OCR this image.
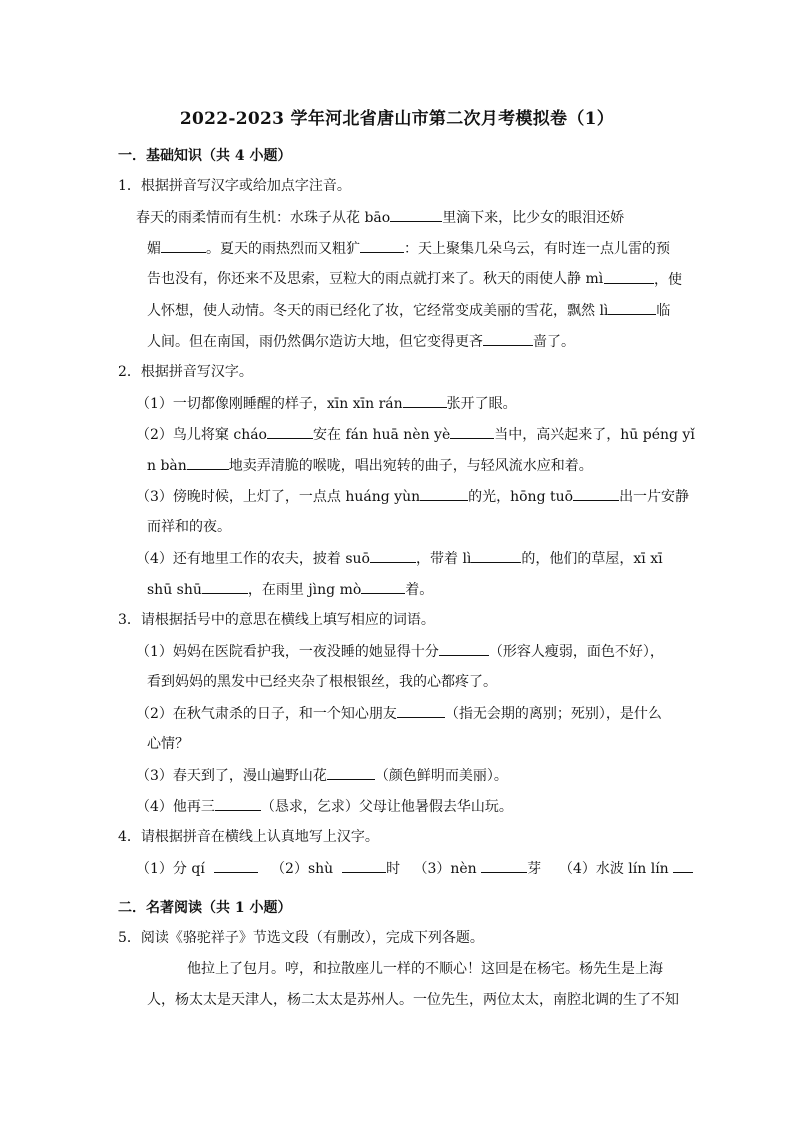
2022-2023 学年河北省唐山市第二次月考模拟卷（1）
一．基础知识（共 4 小题）
1．根据拼音写汉字或给加点字注音。
春天的雨柔情而有生机：水珠子从花 bāo	里滴下来，比少女的眼泪还娇
媚	。夏天的雨热烈而又粗犷	：天上聚集几朵乌云，有时连一点儿雷的预
告也没有，你还来不及思索，豆粒大的雨点就打来了。秋天的雨使人静 mì	，使
人怀想，使人动情。冬天的雨已经化了妆，它经常变成美丽的雪花，飘然 lì	临
人间。但在南国，雨仍然偶尔造访大地，但它变得更吝	啬了。
2．根据拼音写汉字。
（1）一切都像刚睡醒的样子，xīn xīn rán	张开了眼。
（2）鸟儿将窠 cháo	安在 fán huā nèn yè	当中，高兴起来了，hū péng yǐ
n bàn	地卖弄清脆的喉咙，唱出宛转的曲子，与轻风流水应和着。
（3）傍晚时候，上灯了，一点点 huáng yùn	的光，hōng tuō	出一片安静
而祥和的夜。
（4）还有地里工作的农夫，披着 suō	，带着 lì	的，他们的草屋，xī xī
shū shū	，在雨里 jìng mò	着。
3．请根据括号中的意思在横线上填写相应的词语。
（1）妈妈在医院看护我，一夜没睡的她显得十分	（形容人瘦弱，面色不好），
看到妈妈的黑发中已经夹杂了根根银丝，我的心都疼了。
（2）在秋气肃杀的日子，和一个知心朋友	（指无会期的离别；死别），是什么
心情？
（3）春天到了，漫山遍野山花	（颜色鲜明而美丽）。
（4）他再三	（恳求，乞求）父母让他暑假去华山玩。
4．请根据拼音在横线上认真地写上汉字。
（1）分 qí	（2）shù	时 （3）nèn	芽 （4）水波 lín lín
二．名著阅读（共 1 小题）
5．阅读《骆驼祥子》节选文段（有删改），完成下列各题。
他拉上了包月。哼，和拉散座儿一样的不顺心！这回是在杨宅。杨先生是上海
人，杨太太是天津人，杨二太太是苏州人。一位先生，两位太太，南腔北调的生了不知
